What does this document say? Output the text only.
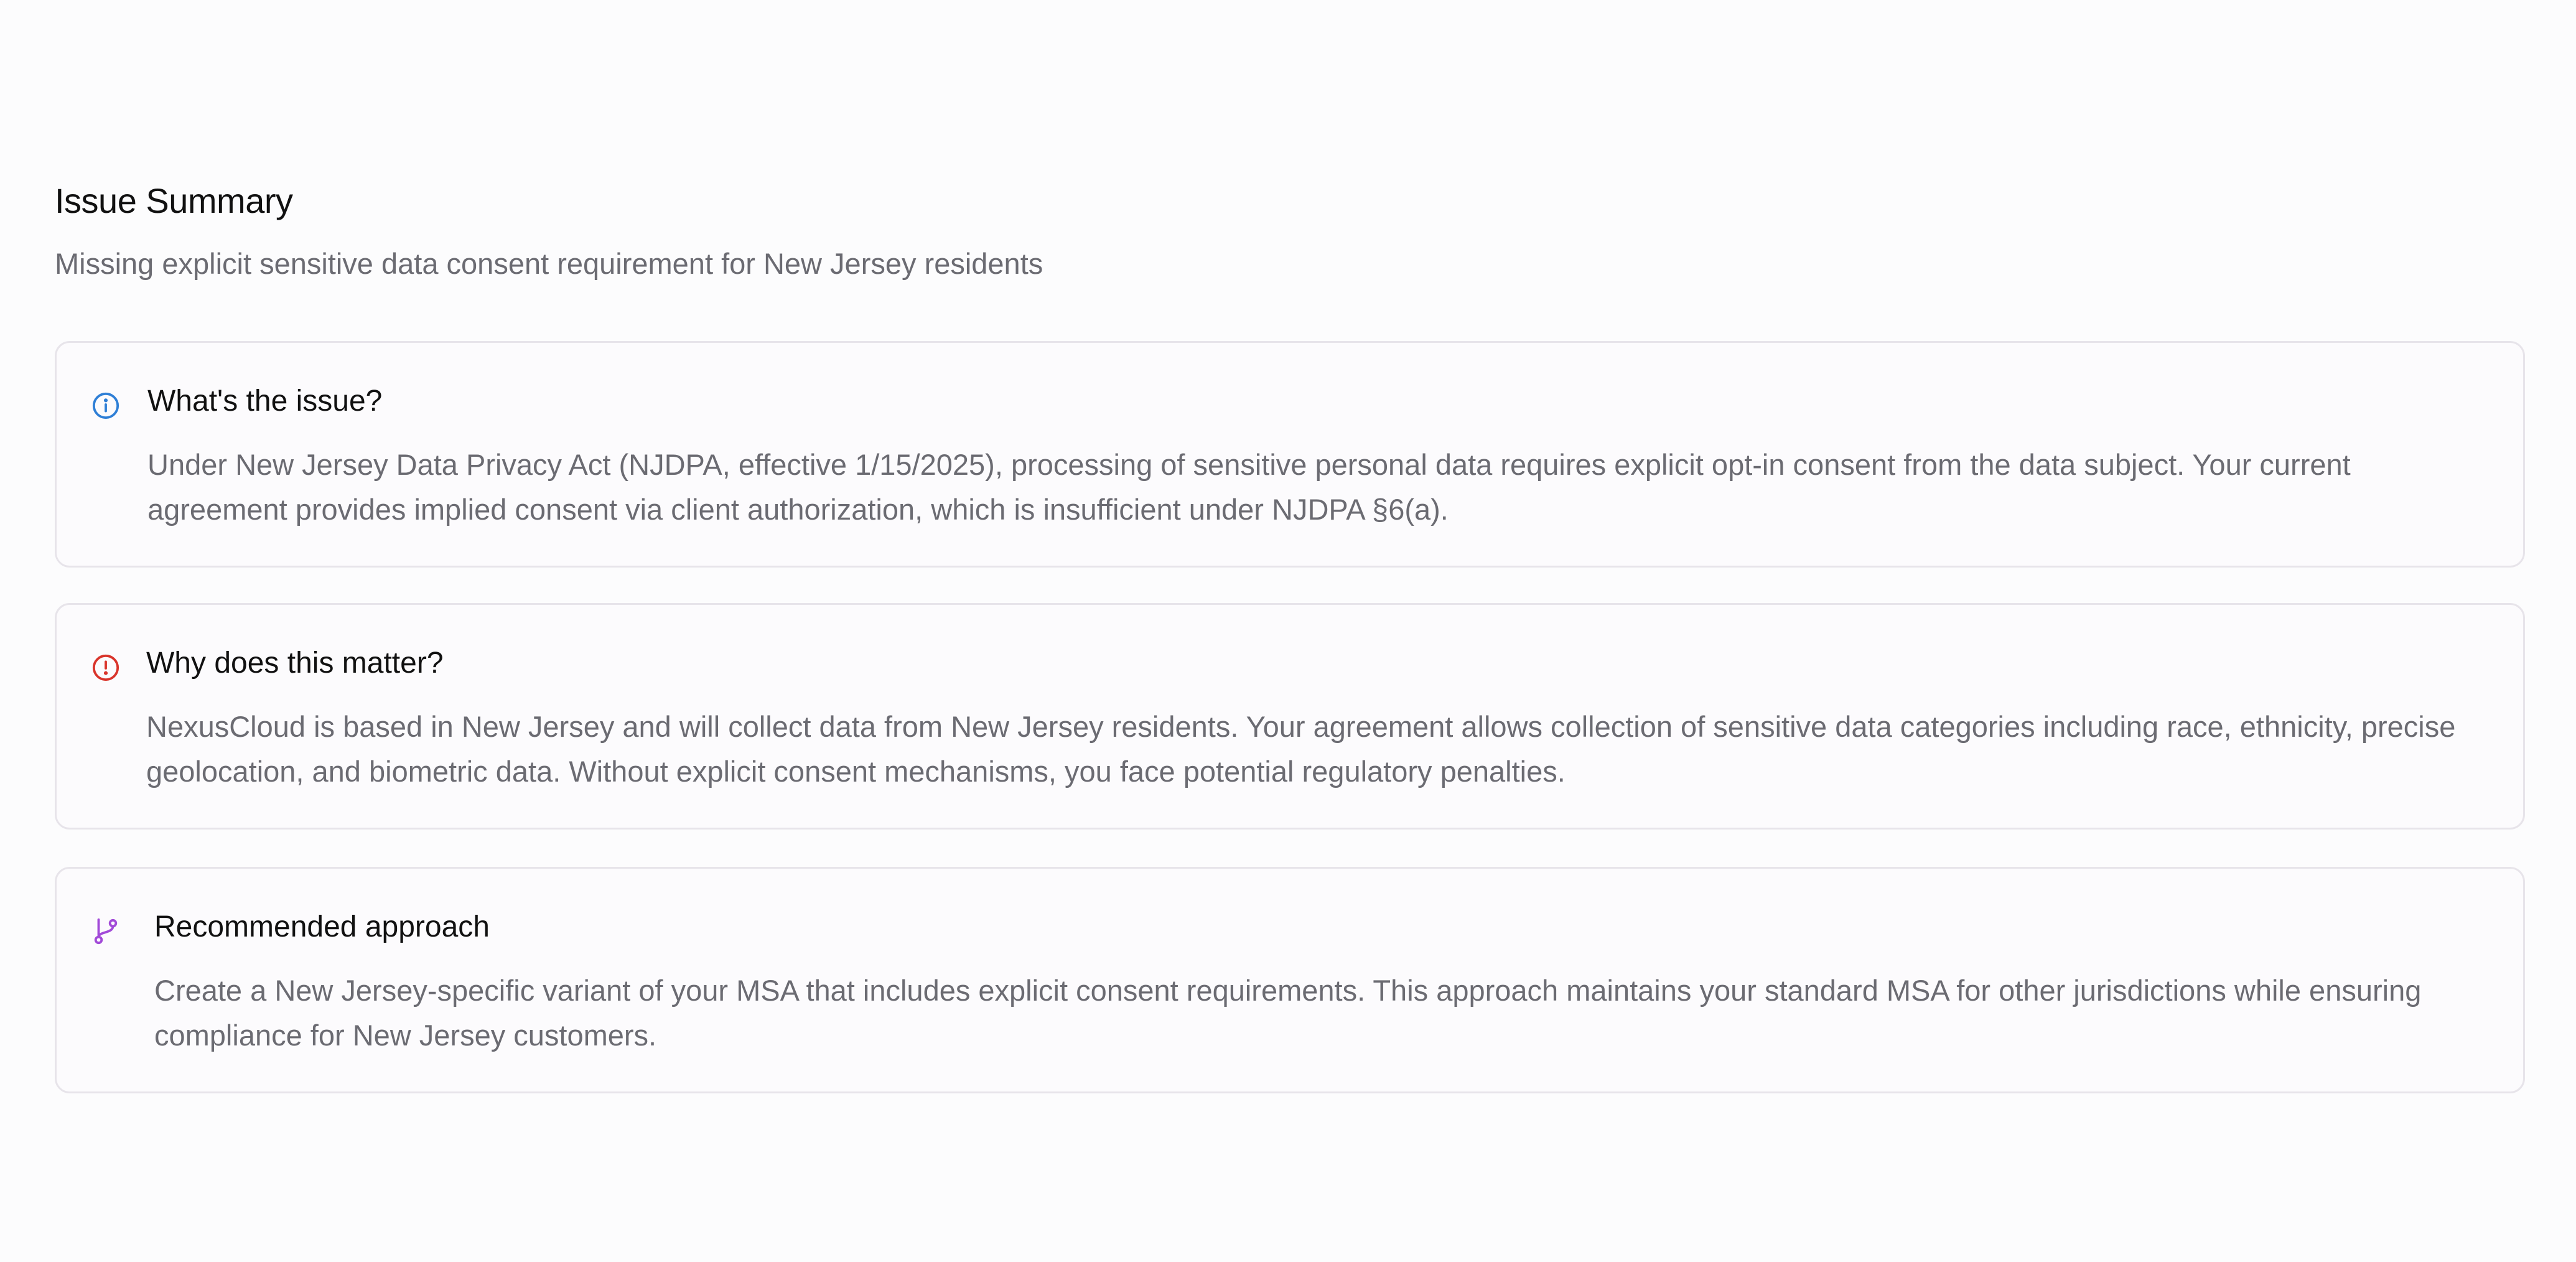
Issue Summary

Missing explicit sensitive data consent requirement for New Jersey residents

What's the issue?

Under New Jersey Data Privacy Act (NJDPA, effective 1/15/2025), processing of sensitive personal data requires explicit opt-in consent from the data subject. Your current agreement provides implied consent via client authorization, which is insufficient under NJDPA §6(a).

Why does this matter?

NexusCloud is based in New Jersey and will collect data from New Jersey residents. Your agreement allows collection of sensitive data categories including race, ethnicity, precise geolocation, and biometric data. Without explicit consent mechanisms, you face potential regulatory penalties.

Recommended approach

Create a New Jersey-specific variant of your MSA that includes explicit consent requirements. This approach maintains your standard MSA for other jurisdictions while ensuring compliance for New Jersey customers.
